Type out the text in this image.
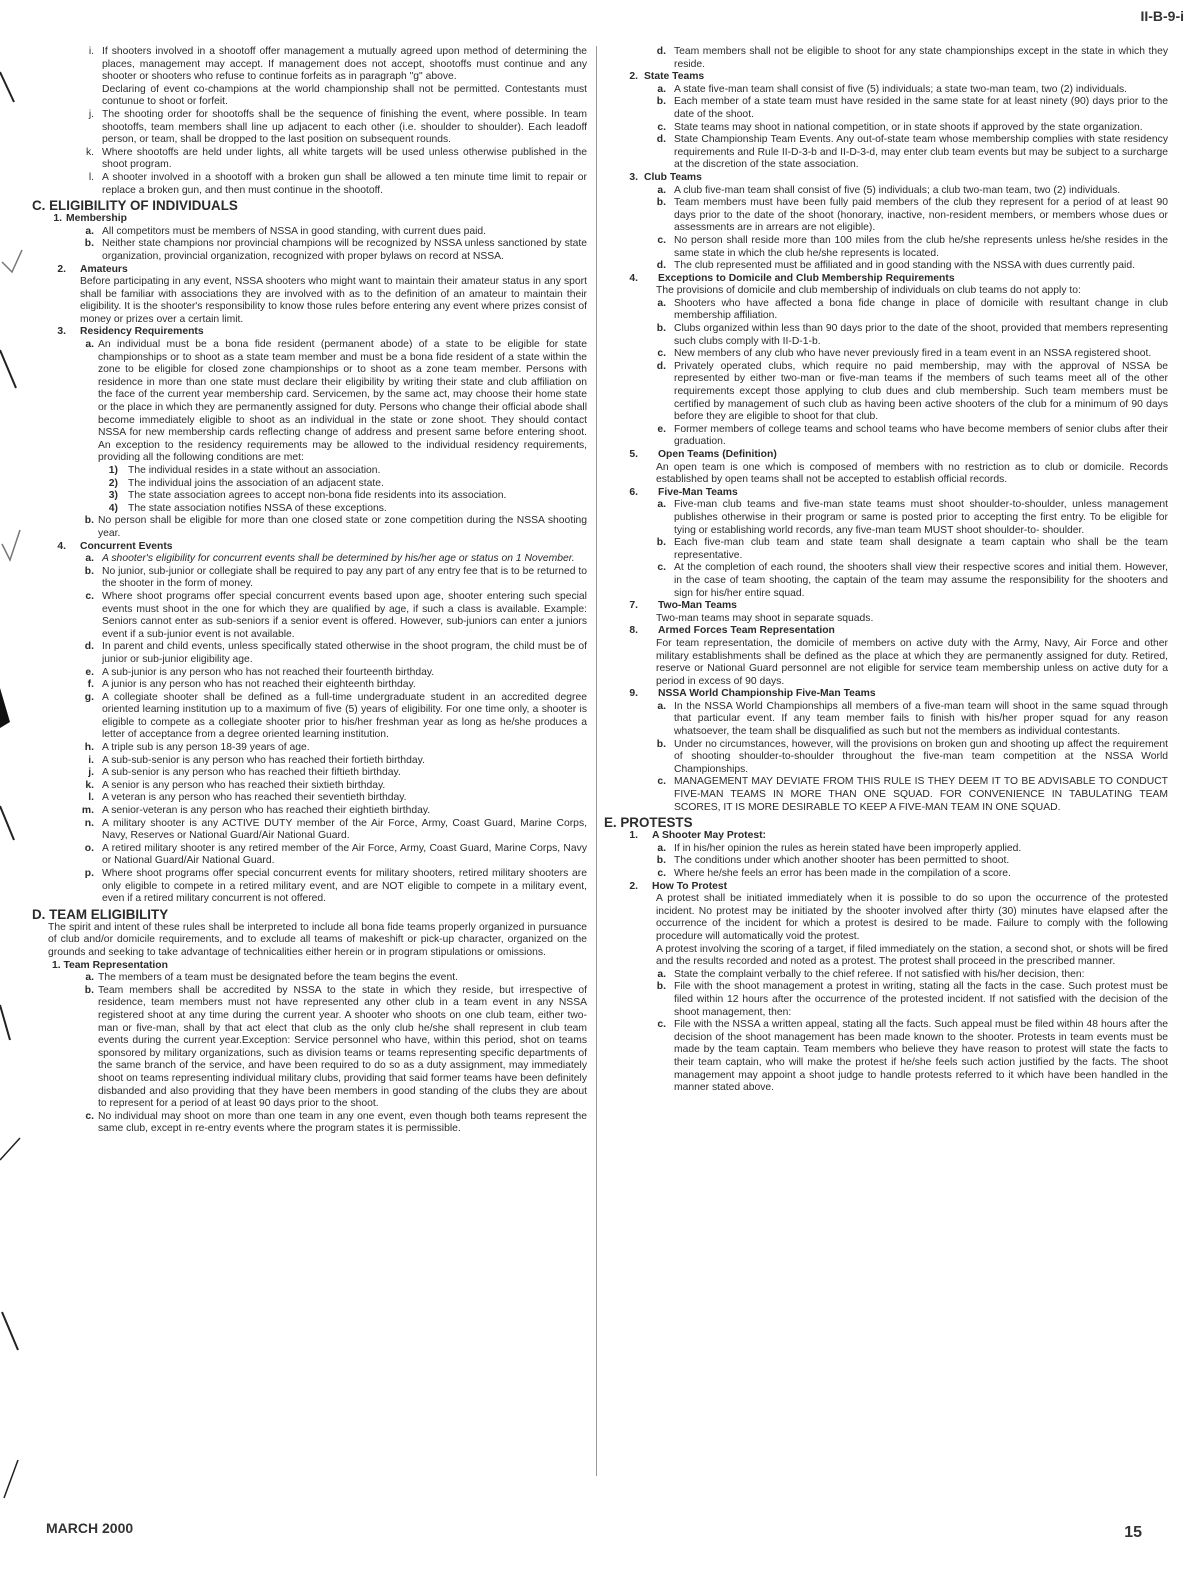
II-B-9-i
i. If shooters involved in a shootoff offer management a mutually agreed upon method of determining the places, management may accept. If management does not accept, shootoffs must continue and any shooter or shooters who refuse to continue forfeits as in paragraph "g" above.
Declaring of event co-champions at the world championship shall not be permitted. Contestants must contunue to shoot or forfeit.
j. The shooting order for shootoffs shall be the sequence of finishing the event, where possible. In team shootoffs, team members shall line up adjacent to each other (i.e. shoulder to shoulder). Each leadoff person, or team, shall be dropped to the last position on subsequent rounds.
k. Where shootoffs are held under lights, all white targets will be used unless otherwise published in the shoot program.
l. A shooter involved in a shootoff with a broken gun shall be allowed a ten minute time limit to repair or replace a broken gun, and then must continue in the shootoff.
C. ELIGIBILITY OF INDIVIDUALS
1. Membership
a. All competitors must be members of NSSA in good standing, with current dues paid.
b. Neither state champions nor provincial champions will be recognized by NSSA unless sanctioned by state organization, provincial organization, recognized with proper bylaws on record at NSSA.
2.	Amateurs
Before participating in any event, NSSA shooters who might want to maintain their amateur status in any sport shall be familiar with associations they are involved with as to the definition of an amateur to maintain their eligibility. It is the shooter's responsibility to know those rules before entering any event where prizes consist of money or prizes over a certain limit.
3.	Residency Requirements
a. An individual must be a bona fide resident (permanent abode) of a state to be eligible for state championships or to shoot as a state team member and must be a bona fide resident of a state within the zone to be eligible for closed zone championships or to shoot as a zone team member. Persons with residence in more than one state must declare their eligibility by writing their state and club affiliation on the face of the current year membership card. Servicemen, by the same act, may choose their home state or the place in which they are permanently assigned for duty. Persons who change their official abode shall become immediately eligible to shoot as an individual in the state or zone shoot. They should contact NSSA for new membership cards reflecting change of address and present same before entering shoot. An exception to the residency requirements may be allowed to the individual residency requirements, providing all the following conditions are met:
1) The individual resides in a state without an association.
2) The individual joins the association of an adjacent state.
3) The state association agrees to accept non-bona fide residents into its association.
4) The state association notifies NSSA of these exceptions.
b. No person shall be eligible for more than one closed state or zone competition during the NSSA shooting year.
4.	Concurrent Events
a. A shooter's eligibility for concurrent events shall be determined by his/her age or status on 1 November.
b. No junior, sub-junior or collegiate shall be required to pay any part of any entry fee that is to be returned to the shooter in the form of money.
c. Where shoot programs offer special concurrent events based upon age, shooter entering such special events must shoot in the one for which they are qualified by age, if such a class is available. Example: Seniors cannot enter as sub-seniors if a senior event is offered. However, sub-juniors can enter a juniors event if a sub-junior event is not available.
d. In parent and child events, unless specifically stated otherwise in the shoot program, the child must be of junior or sub-junior eligibility age.
e. A sub-junior is any person who has not reached their fourteenth birthday.
f. A junior is any person who has not reached their eighteenth birthday.
g. A collegiate shooter shall be defined as a full-time undergraduate student in an accredited degree oriented learning institution up to a maximum of five (5) years of eligibility. For one time only, a shooter is eligible to compete as a collegiate shooter prior to his/her freshman year as long as he/she produces a letter of acceptance from a degree oriented learning institution.
h. A triple sub is any person 18-39 years of age.
i. A sub-sub-senior is any person who has reached their fortieth birthday.
j. A sub-senior is any person who has reached their fiftieth birthday.
k. A senior is any person who has reached their sixtieth birthday.
l. A veteran is any person who has reached their seventieth birthday.
m. A senior-veteran is any person who has reached their eightieth birthday.
n. A military shooter is any ACTIVE DUTY member of the Air Force, Army, Coast Guard, Marine Corps, Navy, Reserves or National Guard/Air National Guard.
o. A retired military shooter is any retired member of the Air Force, Army, Coast Guard, Marine Corps, Navy or National Guard/Air National Guard.
p. Where shoot programs offer special concurrent events for military shooters, retired military shooters are only eligible to compete in a retired military event, and are NOT eligible to compete in a military event, even if a retired military concurrent is not offered.
D. TEAM ELIGIBILITY
The spirit and intent of these rules shall be interpreted to include all bona fide teams properly organized in pursuance of club and/or domicile requirements, and to exclude all teams of makeshift or pick-up character, organized on the grounds and seeking to take advantage of technicalities either herein or in program stipulations or omissions.
1. Team Representation
a. The members of a team must be designated before the team begins the event.
b. Team members shall be accredited by NSSA to the state in which they reside, but irrespective of residence, team members must not have represented any other club in a team event in any NSSA registered shoot at any time during the current year. A shooter who shoots on one club team, either two-man or five-man, shall by that act elect that club as the only club he/she shall represent in club team events during the current year.Exception: Service personnel who have, within this period, shot on teams sponsored by military organizations, such as division teams or teams representing specific departments of the same branch of the service, and have been required to do so as a duty assignment, may immediately shoot on teams representing individual military clubs, providing that said former teams have been definitely disbanded and also providing that they have been members in good standing of the clubs they are about to represent for a period of at least 90 days prior to the shoot.
c. No individual may shoot on more than one team in any one event, even though both teams represent the same club, except in re-entry events where the program states it is permissible.
d. Team members shall not be eligible to shoot for any state championships except in the state in which they reside.
2. State Teams
a. A state five-man team shall consist of five (5) individuals; a state two-man team, two (2) individuals.
b. Each member of a state team must have resided in the same state for at least ninety (90) days prior to the date of the shoot.
c. State teams may shoot in national competition, or in state shoots if approved by the state organization.
d. State Championship Team Events. Any out-of-state team whose membership complies with state residency requirements and Rule II-D-3-b and II-D-3-d, may enter club team events but may be subject to a surcharge at the discretion of the state association.
3. Club Teams
a. A club five-man team shall consist of five (5) individuals; a club two-man team, two (2) individuals.
b. Team members must have been fully paid members of the club they represent for a period of at least 90 days prior to the date of the shoot (honorary, inactive, non-resident members, or members whose dues or assessments are in arrears are not eligible).
c. No person shall reside more than 100 miles from the club he/she represents unless he/she resides in the same state in which the club he/she represents is located.
d. The club represented must be affiliated and in good standing with the NSSA with dues currently paid.
4.	Exceptions to Domicile and Club Membership Requirements
The provisions of domicile and club membership of individuals on club teams do not apply to:
a. Shooters who have affected a bona fide change in place of domicile with resultant change in club membership affiliation.
b. Clubs organized within less than 90 days prior to the date of the shoot, provided that members representing such clubs comply with II-D-1-b.
c. New members of any club who have never previously fired in a team event in an NSSA registered shoot.
d. Privately operated clubs, which require no paid membership, may with the approval of NSSA be represented by either two-man or five-man teams if the members of such teams meet all of the other requirements except those applying to club dues and club membership. Such team members must be certified by management of such club as having been active shooters of the club for a minimum of 90 days before they are eligible to shoot for that club.
e. Former members of college teams and school teams who have become members of senior clubs after their graduation.
5.	Open Teams (Definition)
An open team is one which is composed of members with no restriction as to club or domicile. Records established by open teams shall not be accepted to establish official records.
6.	Five-Man Teams
a. Five-man club teams and five-man state teams must shoot shoulder-to-shoulder, unless management publishes otherwise in their program or same is posted prior to accepting the first entry. To be eligible for tying or establishing world records, any five-man team MUST shoot shoulder-to- shoulder.
b. Each five-man club team and state team shall designate a team captain who shall be the team representative.
c. At the completion of each round, the shooters shall view their respective scores and initial them. However, in the case of team shooting, the captain of the team may assume the responsibility for the shooters and sign for his/her entire squad.
7.	Two-Man Teams
Two-man teams may shoot in separate squads.
8.	Armed Forces Team Representation
For team representation, the domicile of members on active duty with the Army, Navy, Air Force and other military establishments shall be defined as the place at which they are permanently assigned for duty. Retired, reserve or National Guard personnel are not eligible for service team membership unless on active duty for a period in excess of 90 days.
9.	NSSA World Championship Five-Man Teams
a. In the NSSA World Championships all members of a five-man team will shoot in the same squad through that particular event. If any team member fails to finish with his/her proper squad for any reason whatsoever, the team shall be disqualified as such but not the members as individual contestants.
b. Under no circumstances, however, will the provisions on broken gun and shooting up affect the requirement of shooting shoulder-to-shoulder throughout the five-man team competition at the NSSA World Championships.
c. MANAGEMENT MAY DEVIATE FROM THIS RULE IS THEY DEEM IT TO BE ADVISABLE TO CONDUCT FIVE-MAN TEAMS IN MORE THAN ONE SQUAD. FOR CONVENIENCE IN TABULATING TEAM SCORES, IT IS MORE DESIRABLE TO KEEP A FIVE-MAN TEAM IN ONE SQUAD.
E. PROTESTS
1.	A Shooter May Protest:
a. If in his/her opinion the rules as herein stated have been improperly applied.
b. The conditions under which another shooter has been permitted to shoot.
c. Where he/she feels an error has been made in the compilation of a score.
2.	How To Protest
A protest shall be initiated immediately when it is possible to do so upon the occurrence of the protested incident. No protest may be initiated by the shooter involved after thirty (30) minutes have elapsed after the occurrence of the incident for which a protest is desired to be made. Failure to comply with the following procedure will automatically void the protest.
A protest involving the scoring of a target, if filed immediately on the station, a second shot, or shots will be fired and the results recorded and noted as a protest. The protest shall proceed in the prescribed manner.
a. State the complaint verbally to the chief referee. If not satisfied with his/her decision, then:
b. File with the shoot management a protest in writing, stating all the facts in the case. Such protest must be filed within 12 hours after the occurrence of the protested incident. If not satisfied with the decision of the shoot management, then:
c. File with the NSSA a written appeal, stating all the facts. Such appeal must be filed within 48 hours after the decision of the shoot management has been made known to the shooter. Protests in team events must be made by the team captain. Team members who believe they have reason to protest will state the facts to their team captain, who will make the protest if he/she feels such action justified by the facts. The shoot management may appoint a shoot judge to handle protests referred to it which have been handled in the manner stated above.
MARCH 2000	15
